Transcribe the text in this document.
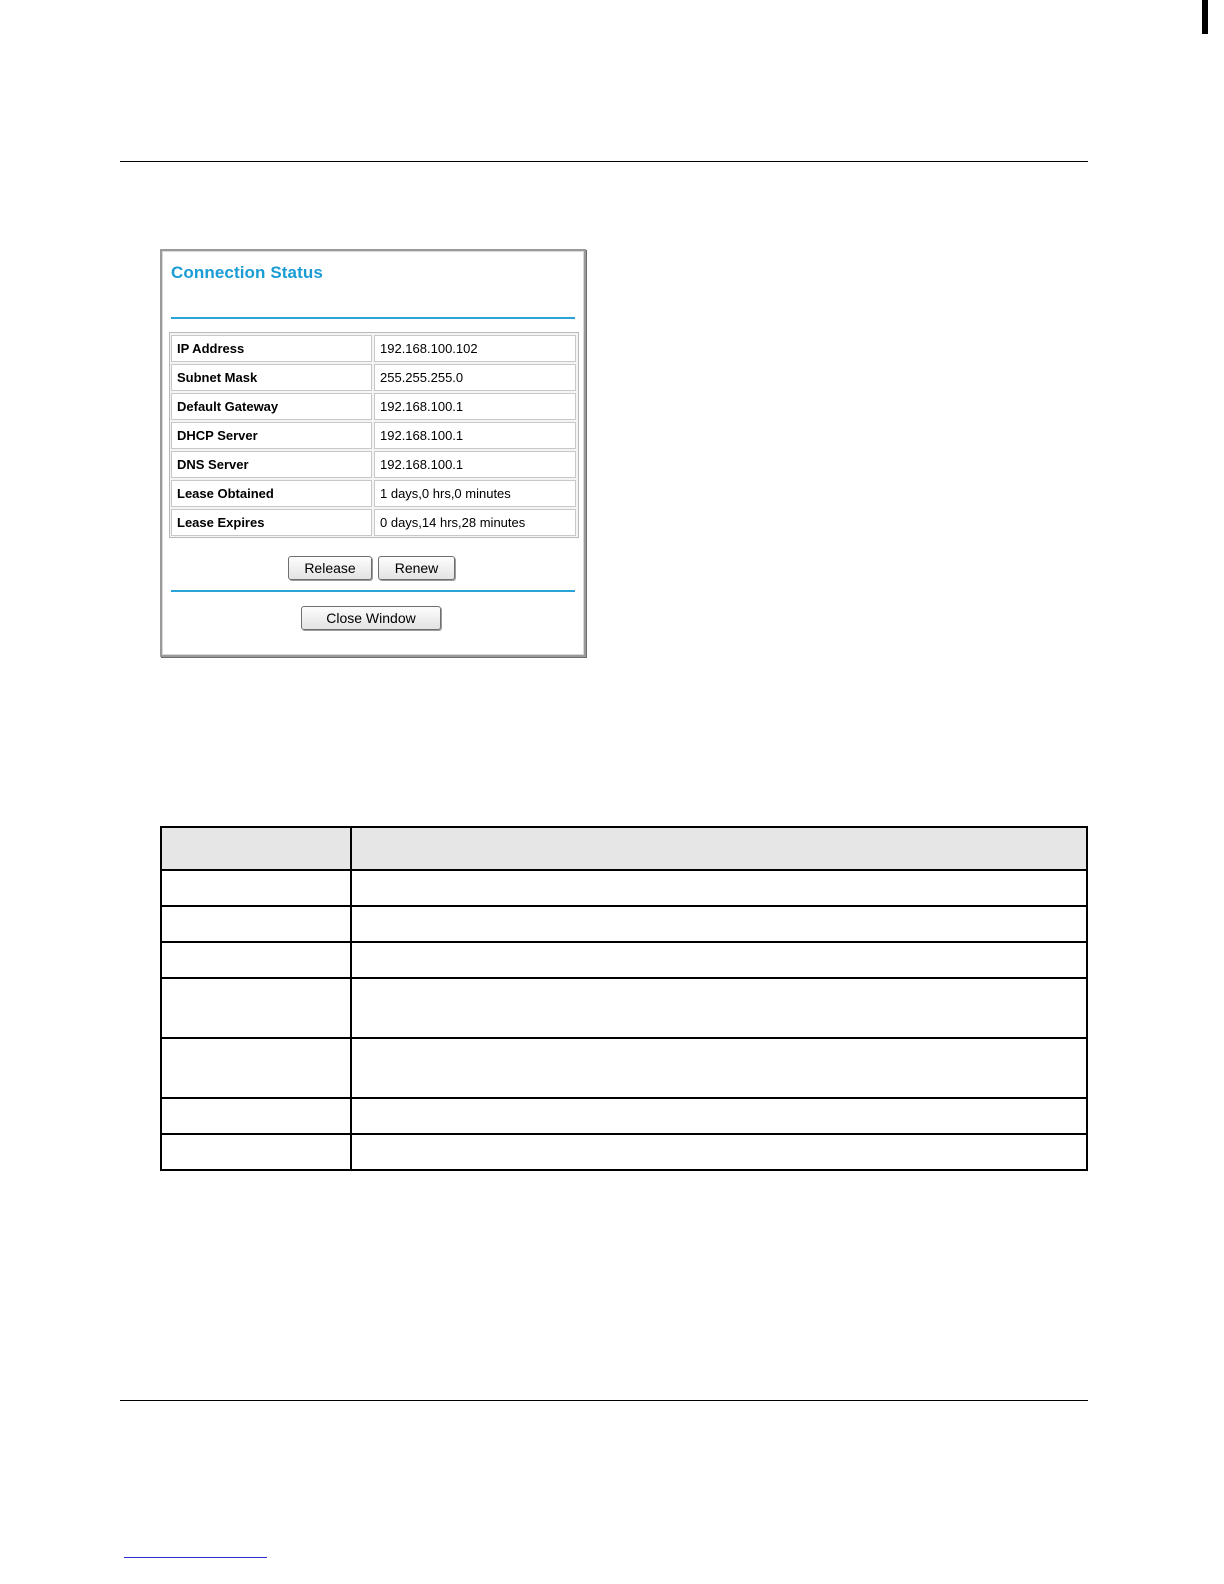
Connection Status
IP Address	192.168.100.102
Subnet Mask	255.255.255.0
Default Gateway	192.168.100.1
DHCP Server	192.168.100.1
DNS Server	192.168.100.1
Lease Obtained	1 days,0 hrs,0 minutes
Lease Expires	0 days,14 hrs,28 minutes
Release	Renew
Close Window
